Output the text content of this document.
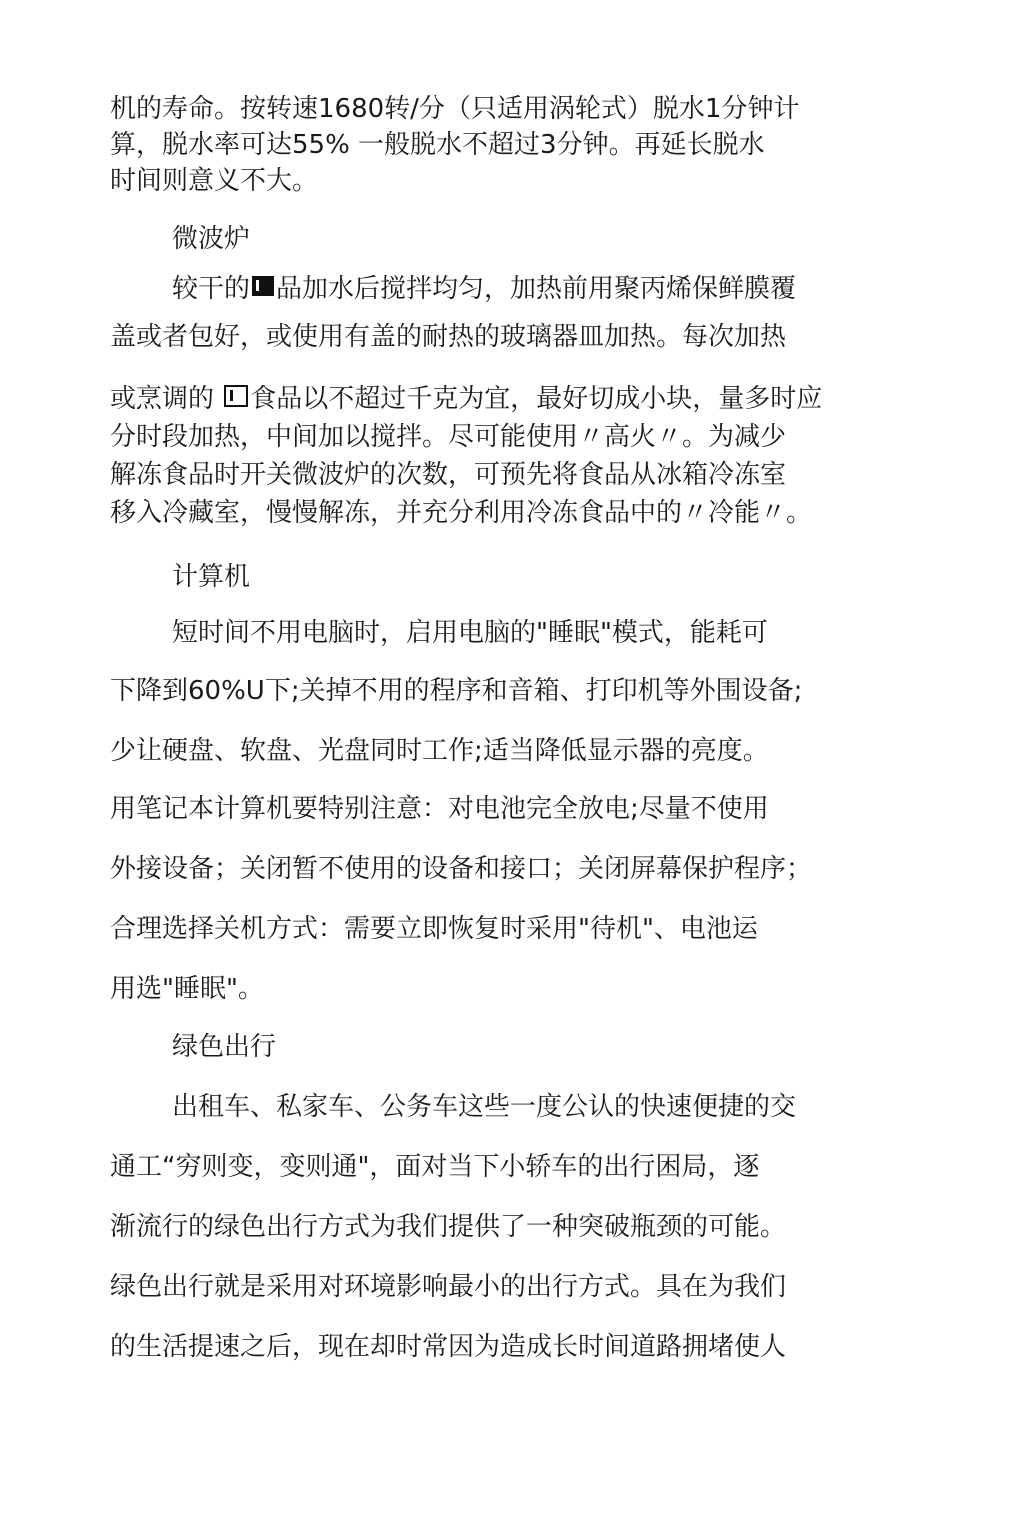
机的寿命。按转速1680转/分（只适用涡轮式）脱水1分钟计
算，脱水率可达55% 一般脱水不超过3分钟。再延长脱水
时间则意义不大。
微波炉
较干的 品加水后搅拌均匀，加热前用聚丙烯保鲜膜覆
盖或者包好，或使用有盖的耐热的玻璃器皿加热。每次加热
或烹调的 食品以不超过千克为宜，最好切成小块，量多时应
分时段加热，中间加以搅拌。尽可能使用〃高火〃。为减少
解冻食品时开关微波炉的次数，可预先将食品从冰箱冷冻室
移入冷藏室，慢慢解冻，并充分利用冷冻食品中的〃冷能〃。
计算机
短时间不用电脑时，启用电脑的"睡眠"模式，能耗可
下降到60%U下;关掉不用的程序和音箱、打印机等外围设备;
少让硬盘、软盘、光盘同时工作;适当降低显示器的亮度。
用笔记本计算机要特别注意：对电池完全放电;尽量不使用
外接设备；关闭暂不使用的设备和接口；关闭屏幕保护程序；
合理选择关机方式：需要立即恢复时采用"待机"、电池运
用选"睡眠"。
绿色出行
出租车、私家车、公务车这些一度公认的快速便捷的交
通工“穷则变，变则通"，面对当下小轿车的出行困局，逐
渐流行的绿色出行方式为我们提供了一种突破瓶颈的可能。
绿色出行就是采用对环境影响最小的出行方式。具在为我们
的生活提速之后，现在却时常因为造成长时间道路拥堵使人
